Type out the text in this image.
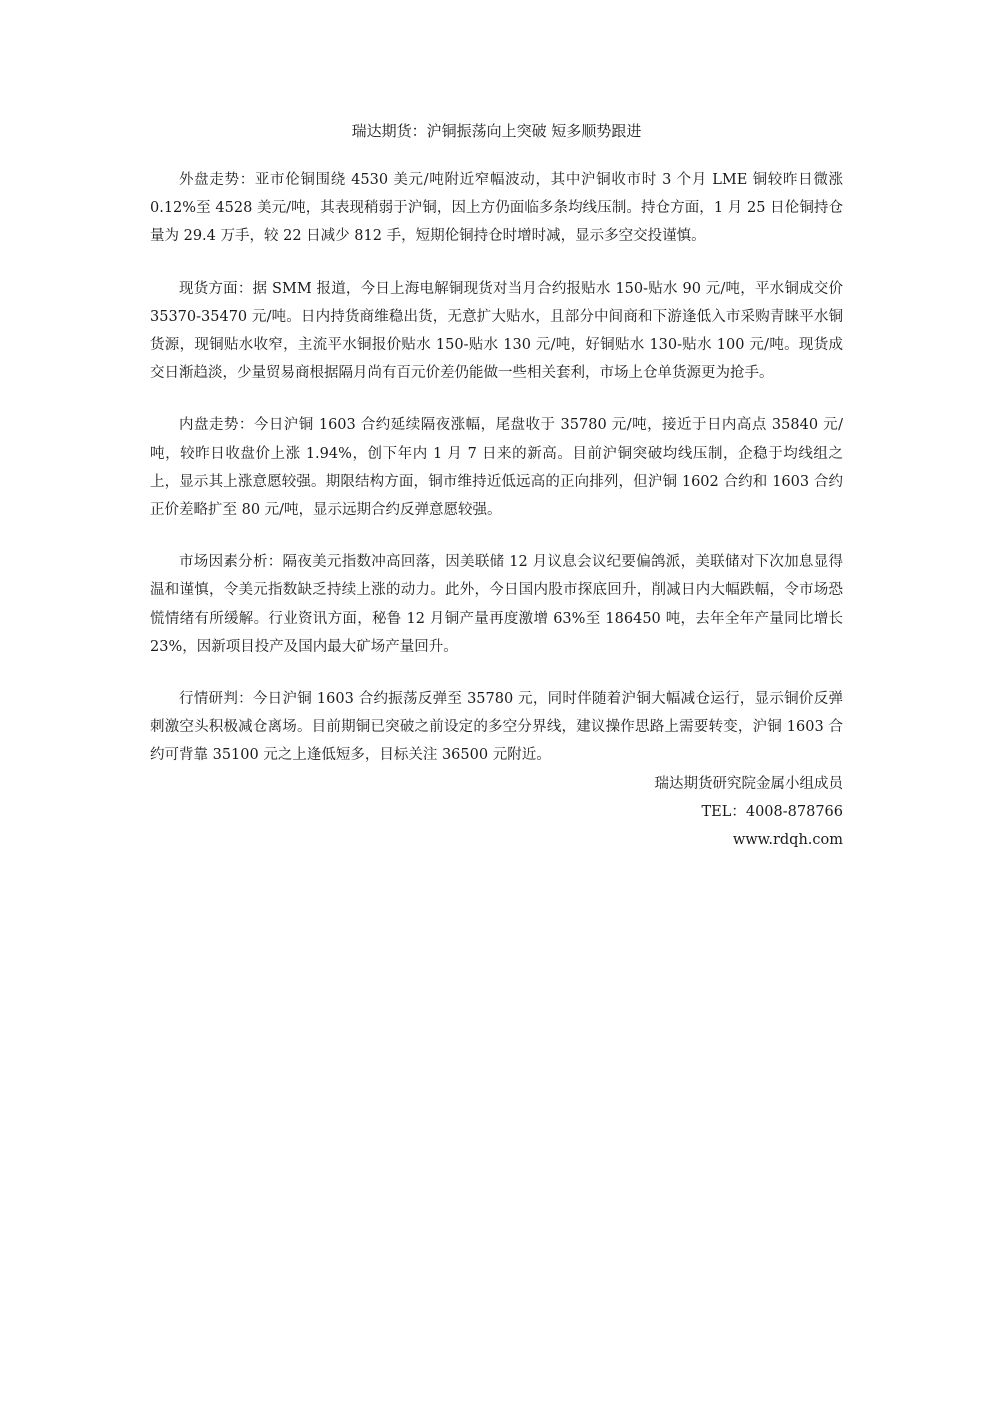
瑞达期货：沪铜振荡向上突破 短多顺势跟进

外盘走势：亚市伦铜围绕 4530 美元/吨附近窄幅波动，其中沪铜收市时 3 个月 LME 铜较昨日微涨 0.12%至 4528 美元/吨，其表现稍弱于沪铜，因上方仍面临多条均线压制。持仓方面，1 月 25 日伦铜持仓量为 29.4 万手，较 22 日减少 812 手，短期伦铜持仓时增时减，显示多空交投谨慎。

现货方面：据 SMM 报道，今日上海电解铜现货对当月合约报贴水 150-贴水 90 元/吨，平水铜成交价 35370-35470 元/吨。日内持货商维稳出货，无意扩大贴水，且部分中间商和下游逢低入市采购青睐平水铜货源，现铜贴水收窄，主流平水铜报价贴水 150-贴水 130 元/吨，好铜贴水 130-贴水 100 元/吨。现货成交日渐趋淡，少量贸易商根据隔月尚有百元价差仍能做一些相关套利，市场上仓单货源更为抢手。

内盘走势：今日沪铜 1603 合约延续隔夜涨幅，尾盘收于 35780 元/吨，接近于日内高点 35840 元/吨，较昨日收盘价上涨 1.94%，创下年内 1 月 7 日来的新高。目前沪铜突破均线压制，企稳于均线组之上，显示其上涨意愿较强。期限结构方面，铜市维持近低远高的正向排列，但沪铜 1602 合约和 1603 合约正价差略扩至 80 元/吨，显示远期合约反弹意愿较强。

市场因素分析：隔夜美元指数冲高回落，因美联储 12 月议息会议纪要偏鸽派，美联储对下次加息显得温和谨慎，令美元指数缺乏持续上涨的动力。此外，今日国内股市探底回升，削减日内大幅跌幅，令市场恐慌情绪有所缓解。行业资讯方面，秘鲁 12 月铜产量再度激增 63%至 186450 吨，去年全年产量同比增长 23%，因新项目投产及国内最大矿场产量回升。

行情研判：今日沪铜 1603 合约振荡反弹至 35780 元，同时伴随着沪铜大幅减仓运行，显示铜价反弹刺激空头积极减仓离场。目前期铜已突破之前设定的多空分界线，建议操作思路上需要转变，沪铜 1603 合约可背靠 35100 元之上逢低短多，目标关注 36500 元附近。

瑞达期货研究院金属小组成员

TEL：4008-878766

www.rdqh.com
